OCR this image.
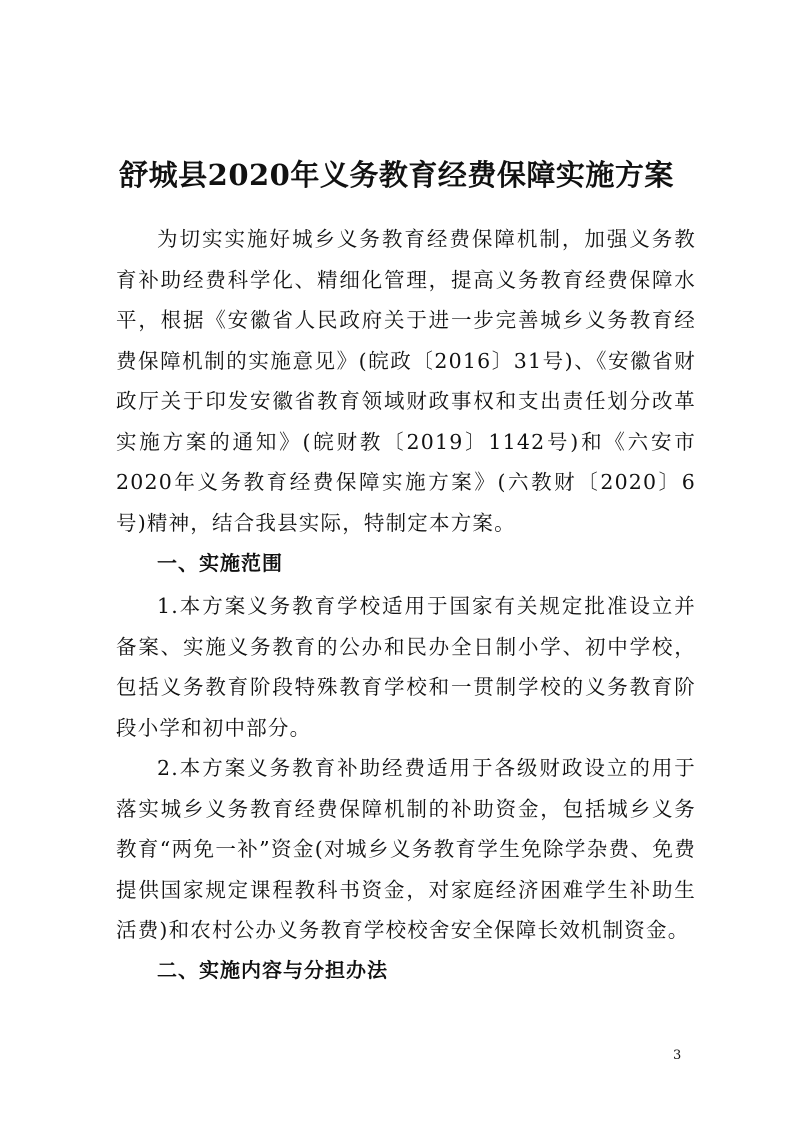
舒城县2020年义务教育经费保障实施方案

为切实实施好城乡义务教育经费保障机制，加强义务教育补助经费科学化、精细化管理，提高义务教育经费保障水平，根据《安徽省人民政府关于进一步完善城乡义务教育经费保障机制的实施意见》(皖政〔2016〕31号)、《安徽省财政厅关于印发安徽省教育领域财政事权和支出责任划分改革实施方案的通知》(皖财教〔2019〕1142号)和《六安市2020年义务教育经费保障实施方案》(六教财〔2020〕6号)精神，结合我县实际，特制定本方案。

一、实施范围

1.本方案义务教育学校适用于国家有关规定批准设立并备案、实施义务教育的公办和民办全日制小学、初中学校，包括义务教育阶段特殊教育学校和一贯制学校的义务教育阶段小学和初中部分。

2.本方案义务教育补助经费适用于各级财政设立的用于落实城乡义务教育经费保障机制的补助资金，包括城乡义务教育“两免一补”资金(对城乡义务教育学生免除学杂费、免费提供国家规定课程教科书资金，对家庭经济困难学生补助生活费)和农村公办义务教育学校校舍安全保障长效机制资金。

二、实施内容与分担办法

3
